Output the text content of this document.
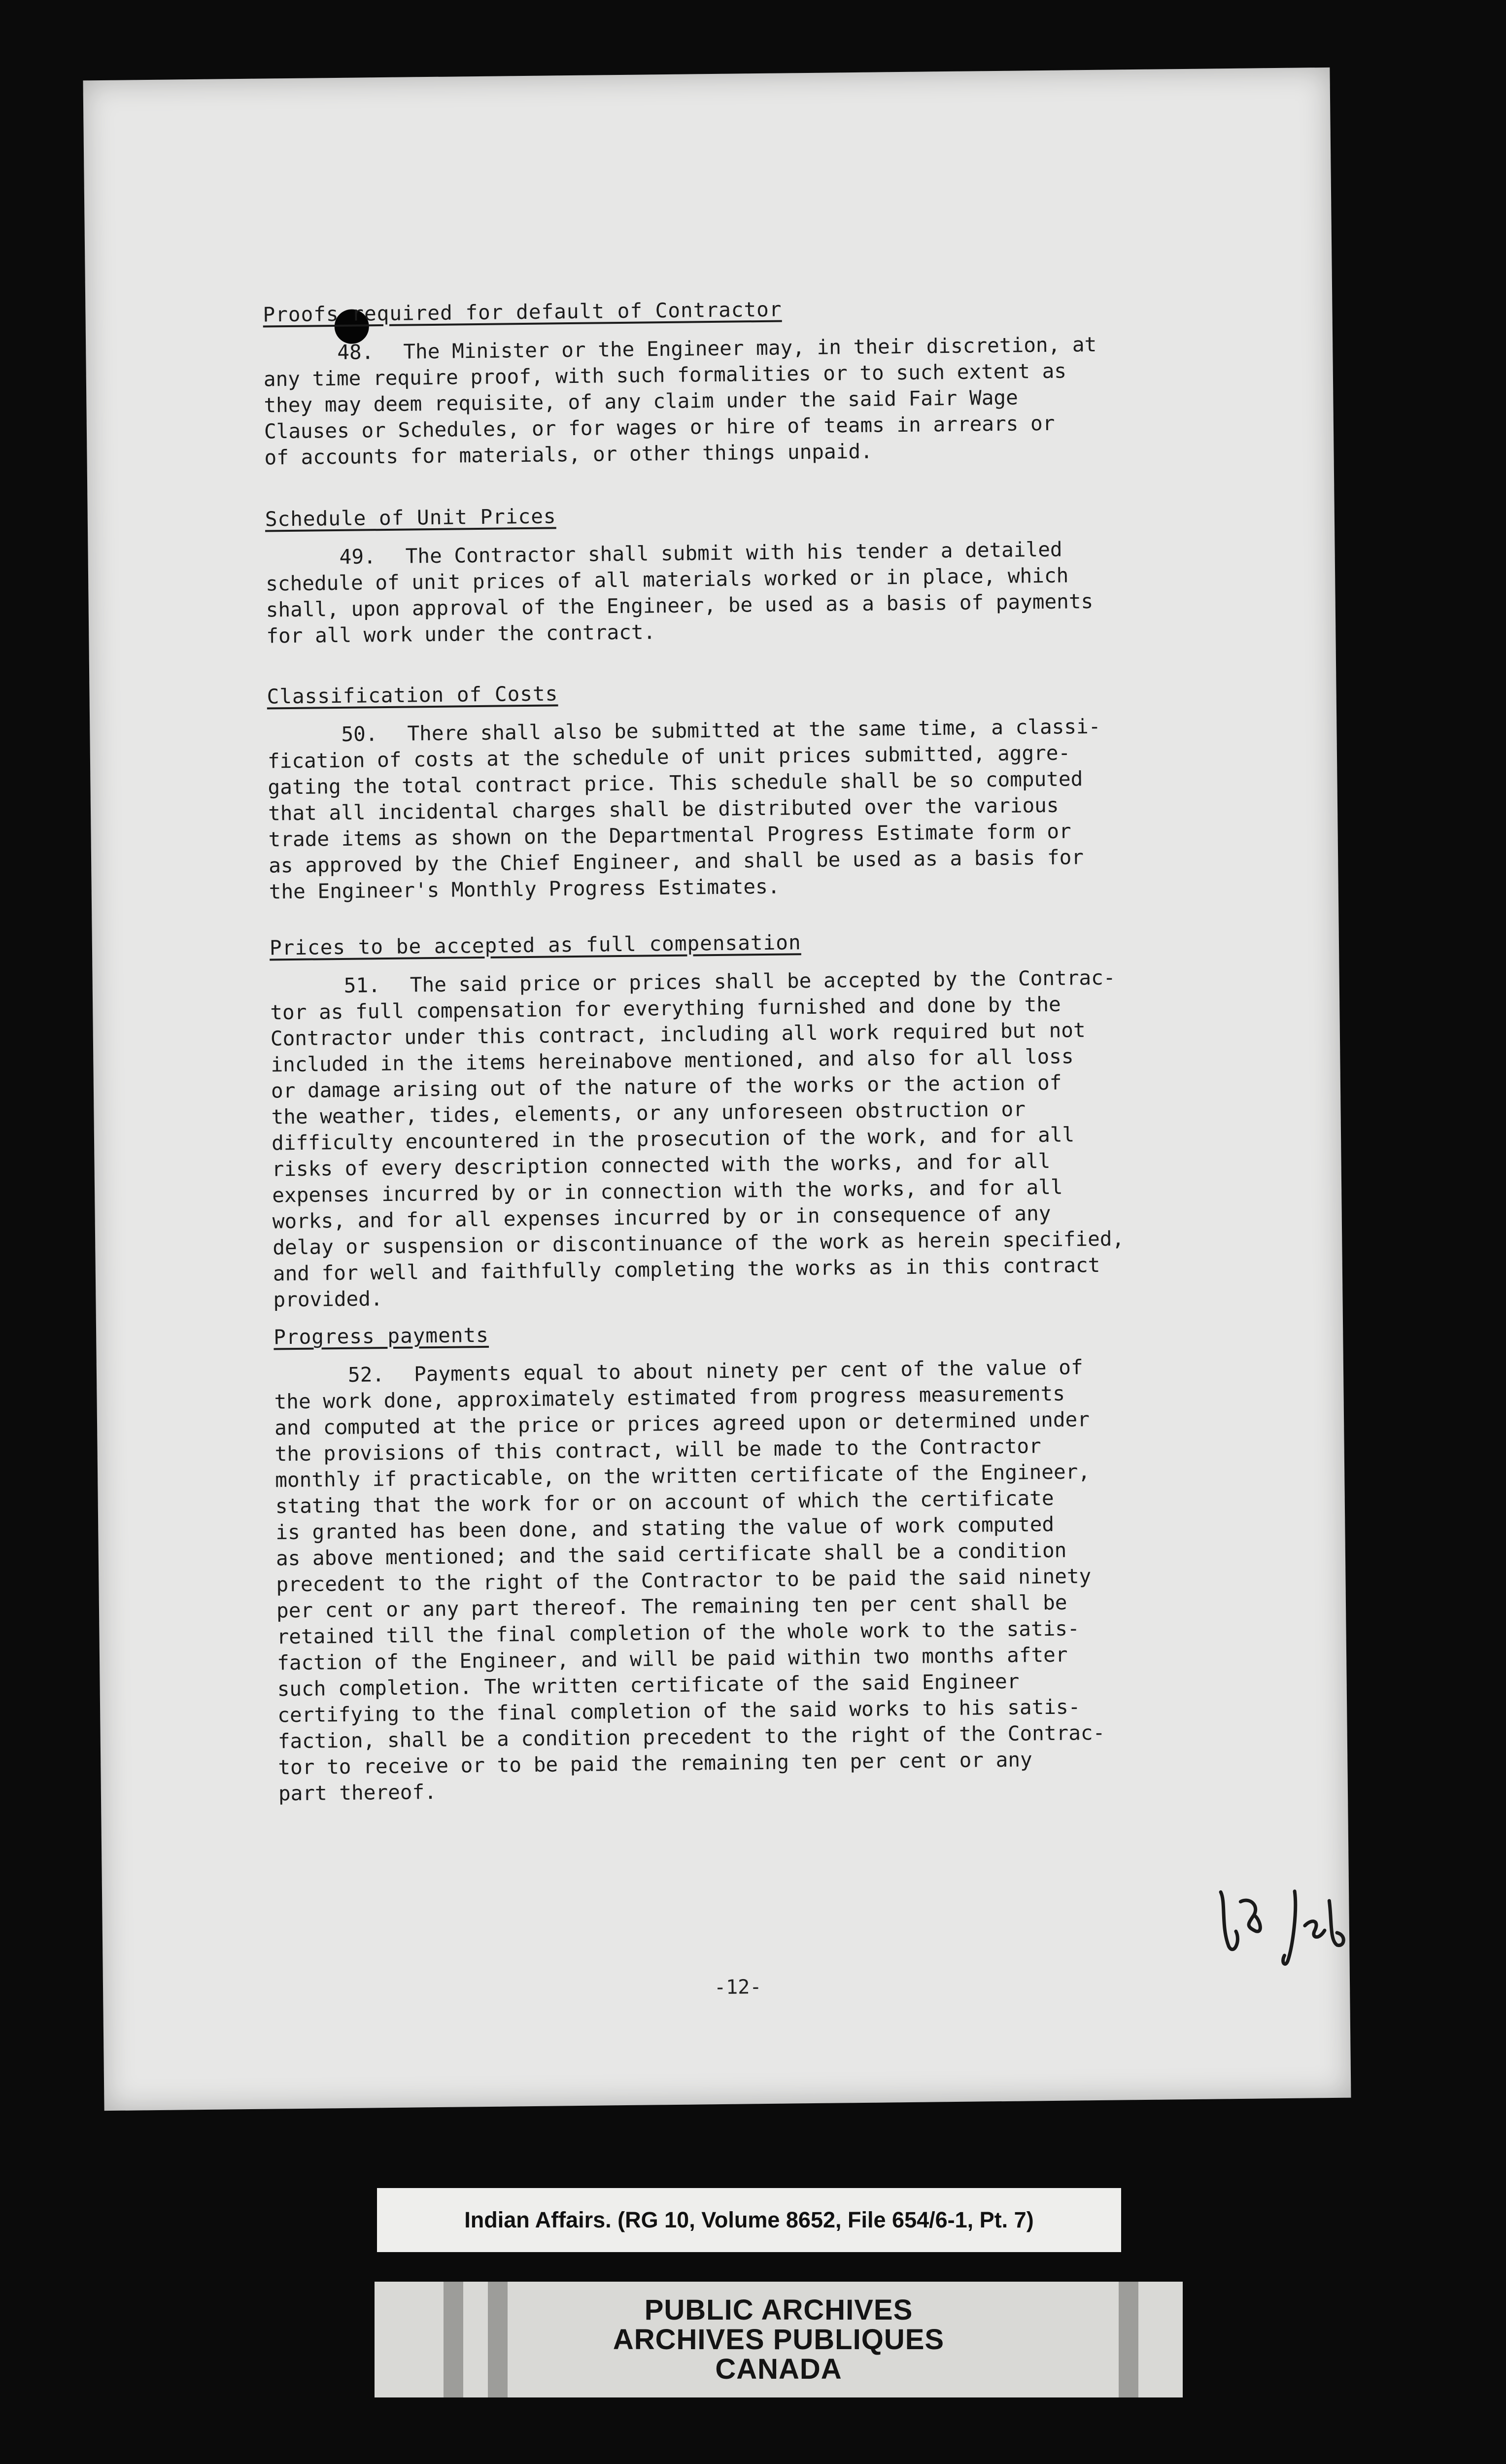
Proofs required for default of Contractor

48. The Minister or the Engineer may, in their discretion, at
any time require proof, with such formalities or to such extent as
they may deem requisite, of any claim under the said Fair Wage
Clauses or Schedules, or for wages or hire of teams in arrears or
of accounts for materials, or other things unpaid.

Schedule of Unit Prices

49. The Contractor shall submit with his tender a detailed
schedule of unit prices of all materials worked or in place, which
shall, upon approval of the Engineer, be used as a basis of payments
for all work under the contract.

Classification of Costs

50. There shall also be submitted at the same time, a classi-
fication of costs at the schedule of unit prices submitted, aggre-
gating the total contract price. This schedule shall be so computed
that all incidental charges shall be distributed over the various
trade items as shown on the Departmental Progress Estimate form or
as approved by the Chief Engineer, and shall be used as a basis for
the Engineer's Monthly Progress Estimates.

Prices to be accepted as full compensation

51. The said price or prices shall be accepted by the Contrac-
tor as full compensation for everything furnished and done by the
Contractor under this contract, including all work required but not
included in the items hereinabove mentioned, and also for all loss
or damage arising out of the nature of the works or the action of
the weather, tides, elements, or any unforeseen obstruction or
difficulty encountered in the prosecution of the work, and for all
risks of every description connected with the works, and for all
expenses incurred by or in connection with the works, and for all
works, and for all expenses incurred by or in consequence of any
delay or suspension or discontinuance of the work as herein specified,
and for well and faithfully completing the works as in this contract
provided.

Progress payments

52. Payments equal to about ninety per cent of the value of
the work done, approximately estimated from progress measurements
and computed at the price or prices agreed upon or determined under
the provisions of this contract, will be made to the Contractor
monthly if practicable, on the written certificate of the Engineer,
stating that the work for or on account of which the certificate
is granted has been done, and stating the value of work computed
as above mentioned; and the said certificate shall be a condition
precedent to the right of the Contractor to be paid the said ninety
per cent or any part thereof. The remaining ten per cent shall be
retained till the final completion of the whole work to the satis-
faction of the Engineer, and will be paid within two months after
such completion. The written certificate of the said Engineer
certifying to the final completion of the said works to his satis-
faction, shall be a condition precedent to the right of the Contrac-
tor to receive or to be paid the remaining ten per cent or any
part thereof.

-12-
Indian Affairs. (RG 10, Volume 8652, File 654/6-1, Pt. 7)
PUBLIC ARCHIVES
ARCHIVES PUBLIQUES
CANADA
